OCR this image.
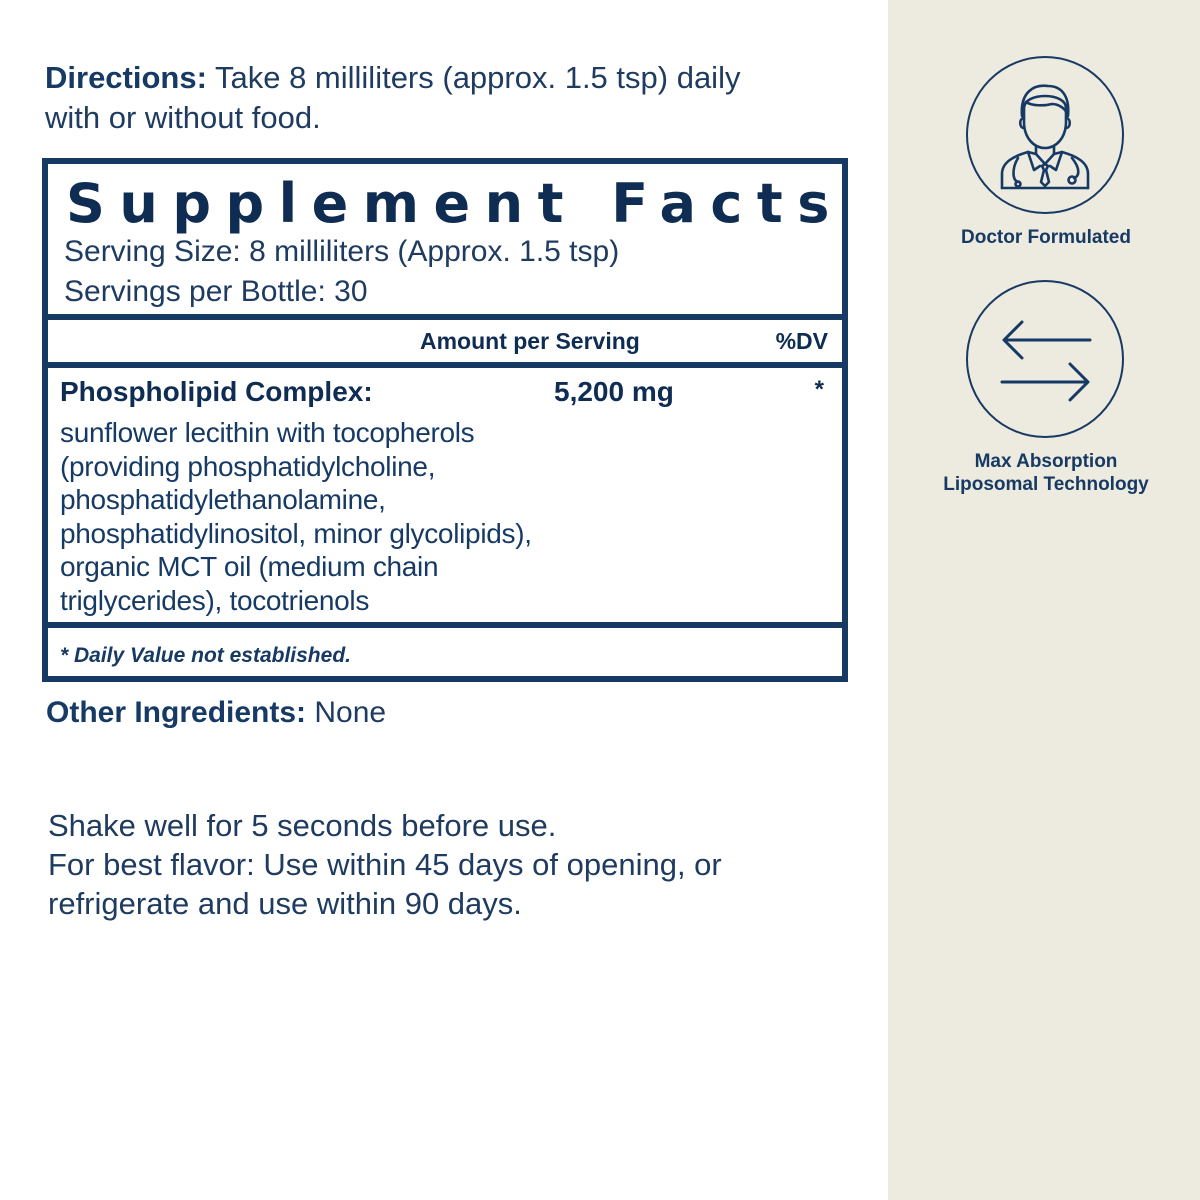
Directions: Take 8 milliliters (approx. 1.5 tsp) daily
with or without food.

Supplement Facts
Serving Size: 8 milliliters (Approx. 1.5 tsp)
Servings per Bottle: 30
Amount per Serving	%DV
Phospholipid Complex:	5,200 mg	*
sunflower lecithin with tocopherols
(providing phosphatidylcholine,
phosphatidylethanolamine,
phosphatidylinositol, minor glycolipids),
organic MCT oil (medium chain
triglycerides), tocotrienols
* Daily Value not established.

Other Ingredients: None

Shake well for 5 seconds before use.
For best flavor: Use within 45 days of opening, or
refrigerate and use within 90 days.
Doctor Formulated
Max Absorption
Liposomal Technology
